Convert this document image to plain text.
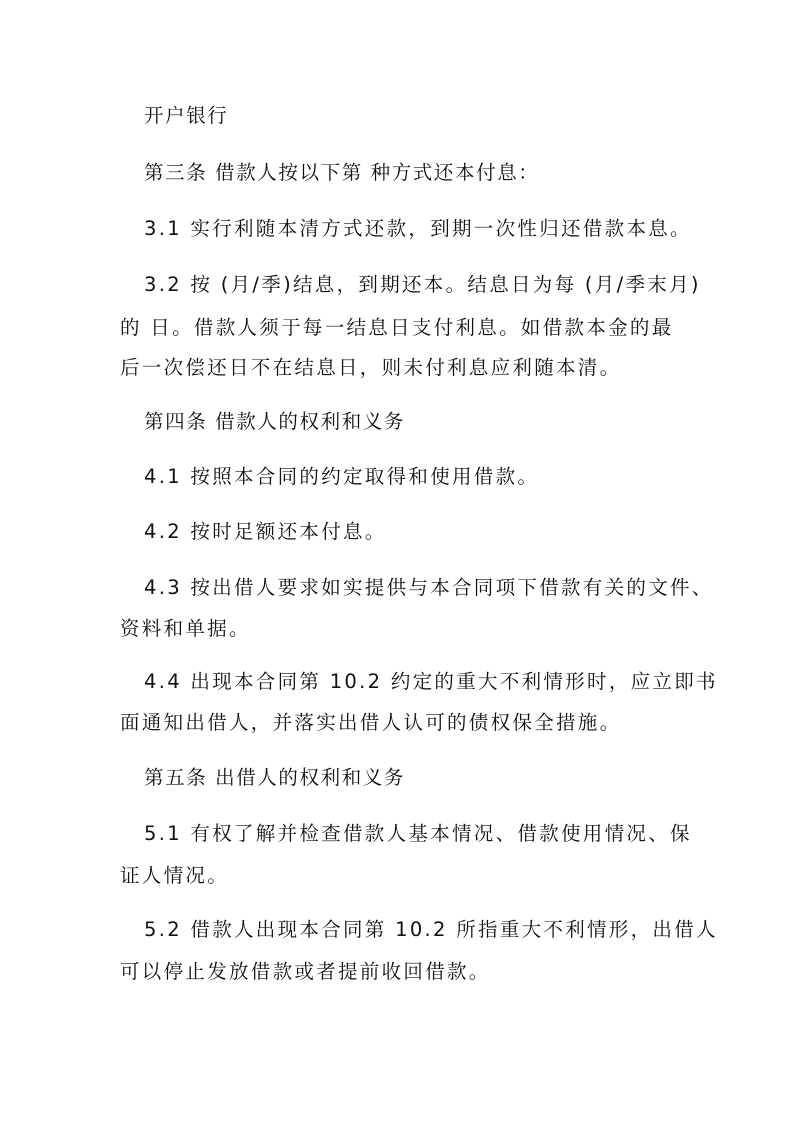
开户银行
第三条 借款人按以下第 种方式还本付息：
3.1 实行利随本清方式还款，到期一次性归还借款本息。
3.2 按 (月/季)结息，到期还本。结息日为每 (月/季末月)
的 日。借款人须于每一结息日支付利息。如借款本金的最
后一次偿还日不在结息日，则未付利息应利随本清。
第四条 借款人的权利和义务
4.1 按照本合同的约定取得和使用借款。
4.2 按时足额还本付息。
4.3 按出借人要求如实提供与本合同项下借款有关的文件、
资料和单据。
4.4 出现本合同第 10.2 约定的重大不利情形时，应立即书
面通知出借人，并落实出借人认可的债权保全措施。
第五条 出借人的权利和义务
5.1 有权了解并检查借款人基本情况、借款使用情况、保
证人情况。
5.2 借款人出现本合同第 10.2 所指重大不利情形，出借人
可以停止发放借款或者提前收回借款。
